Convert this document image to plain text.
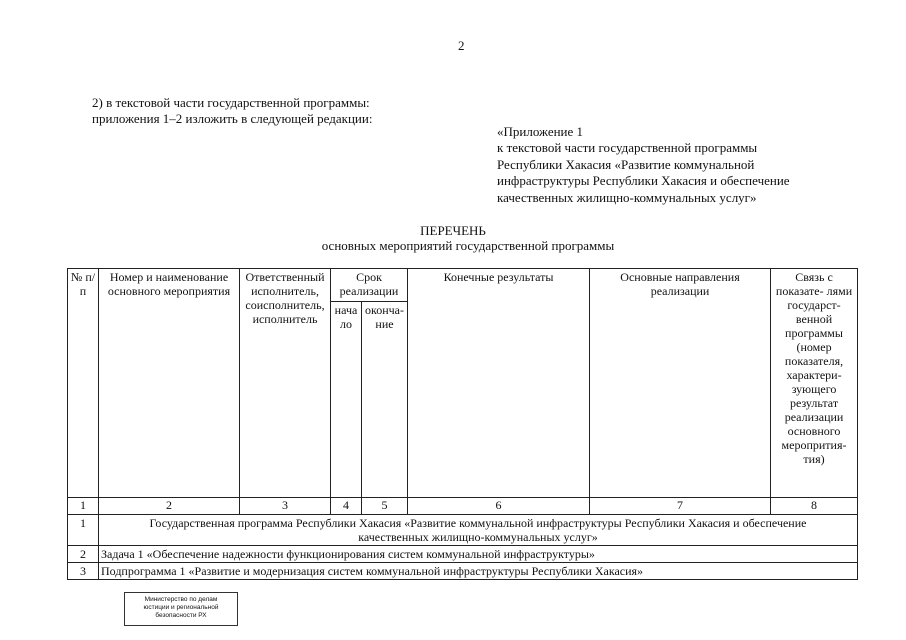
2
2) в текстовой части государственной программы:
приложения 1–2 изложить в следующей редакции:
«Приложение 1
к текстовой части государственной программы
Республики Хакасия «Развитие коммунальной
инфраструктуры Республики Хакасия и обеспечение
качественных жилищно-коммунальных услуг»
ПЕРЕЧЕНЬ
основных мероприятий государственной программы
№ п/п	Номер и наименование основного мероприятия	Ответственный исполнитель, соисполнитель, исполнитель	Срок реализации		Конечные результаты	Основные направления реализации	Связь с показате- лями государст- венной программы (номер показателя, характери- зующего результат реализации основного меропрития- тия)
			нача ло	оконча- ние			
1	2	3	4	5	6	7	8
1	Государственная программа Республики Хакасия «Развитие коммунальной инфраструктуры Республики Хакасия и обеспечение качественных жилищно-коммунальных услуг»						
2	Задача 1 «Обеспечение надежности функционирования систем коммунальной инфраструктуры»						
3	Подпрограмма 1 «Развитие и модернизация систем коммунальной инфраструктуры Республики Хакасия»						
Министерство по делам
юстиции и региональной
безопасности РХ
